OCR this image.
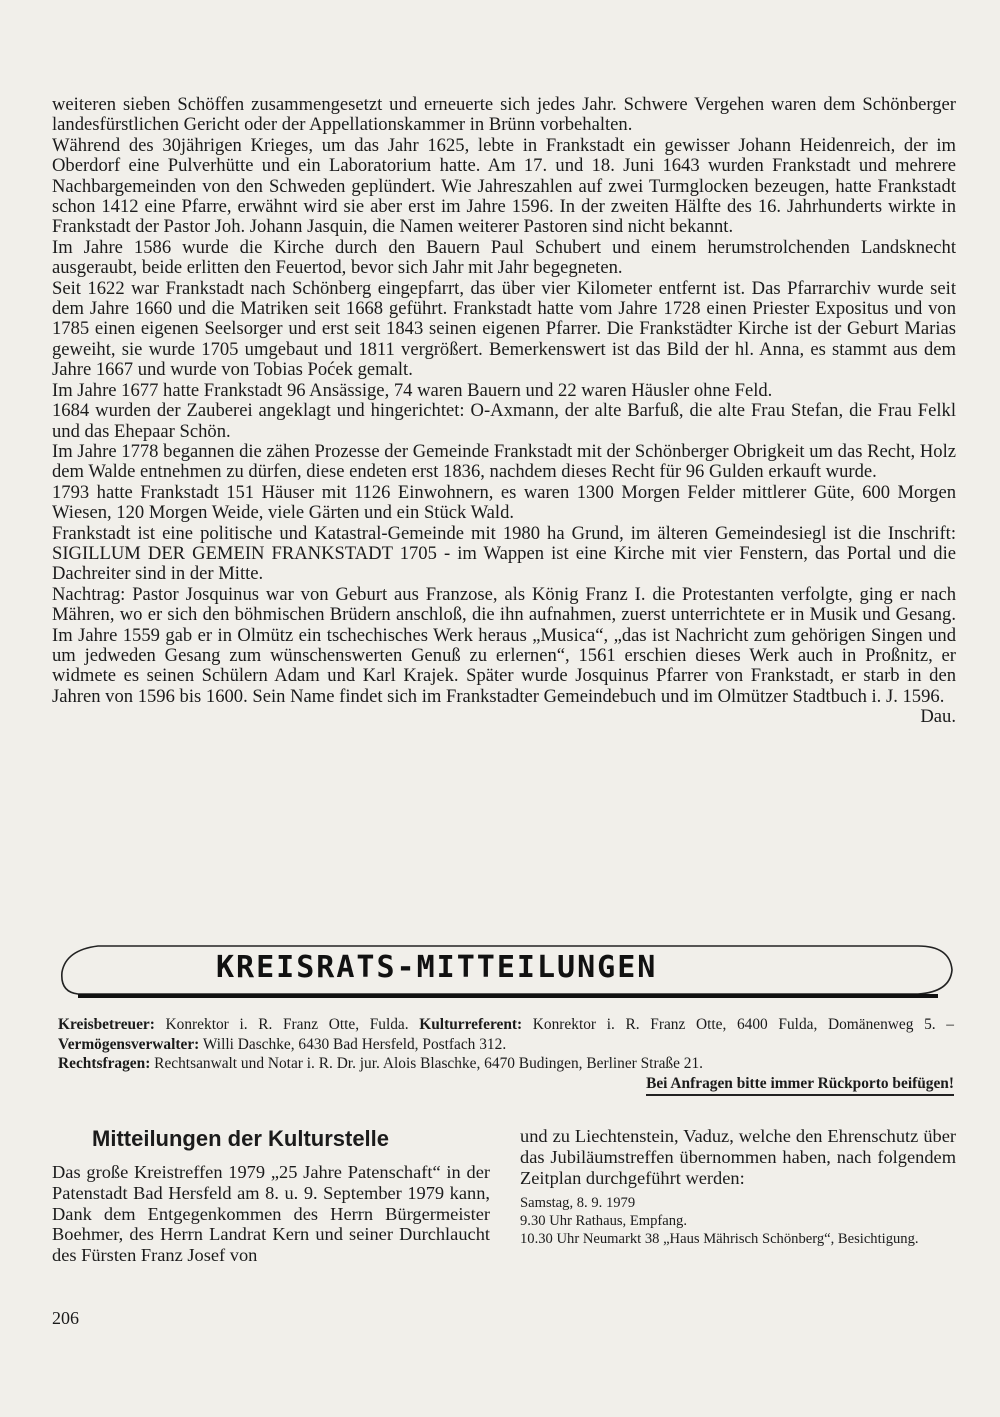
weiteren sieben Schöffen zusammengesetzt und erneuerte sich jedes Jahr. Schwere Vergehen waren dem Schönberger landesfürstlichen Gericht oder der Appellationskammer in Brünn vorbehalten.

Während des 30jährigen Krieges, um das Jahr 1625, lebte in Frankstadt ein gewisser Johann Heidenreich, der im Oberdorf eine Pulverhütte und ein Laboratorium hatte. Am 17. und 18. Juni 1643 wurden Frankstadt und mehrere Nachbargemeinden von den Schweden geplündert. Wie Jahreszahlen auf zwei Turmglocken bezeugen, hatte Frankstadt schon 1412 eine Pfarre, erwähnt wird sie aber erst im Jahre 1596. In der zweiten Hälfte des 16. Jahrhunderts wirkte in Frankstadt der Pastor Joh. Johann Jasquin, die Namen weiterer Pastoren sind nicht bekannt.

Im Jahre 1586 wurde die Kirche durch den Bauern Paul Schubert und einem herumstrolchenden Landsknecht ausgeraubt, beide erlitten den Feuertod, bevor sich Jahr mit Jahr begegneten.

Seit 1622 war Frankstadt nach Schönberg eingepfarrt, das über vier Kilometer entfernt ist. Das Pfarrarchiv wurde seit dem Jahre 1660 und die Matriken seit 1668 geführt. Frankstadt hatte vom Jahre 1728 einen Priester Expositus und von 1785 einen eigenen Seelsorger und erst seit 1843 seinen eigenen Pfarrer. Die Frankstädter Kirche ist der Geburt Marias geweiht, sie wurde 1705 umgebaut und 1811 vergrößert. Bemerkenswert ist das Bild der hl. Anna, es stammt aus dem Jahre 1667 und wurde von Tobias Poćek gemalt.

Im Jahre 1677 hatte Frankstadt 96 Ansässige, 74 waren Bauern und 22 waren Häusler ohne Feld.

1684 wurden der Zauberei angeklagt und hingerichtet: O-Axmann, der alte Barfuß, die alte Frau Stefan, die Frau Felkl und das Ehepaar Schön.

Im Jahre 1778 begannen die zähen Prozesse der Gemeinde Frankstadt mit der Schönberger Obrigkeit um das Recht, Holz dem Walde entnehmen zu dürfen, diese endeten erst 1836, nachdem dieses Recht für 96 Gulden erkauft wurde.

1793 hatte Frankstadt 151 Häuser mit 1126 Einwohnern, es waren 1300 Morgen Felder mittlerer Güte, 600 Morgen Wiesen, 120 Morgen Weide, viele Gärten und ein Stück Wald.

Frankstadt ist eine politische und Katastral-Gemeinde mit 1980 ha Grund, im älteren Gemeindesiegl ist die Inschrift: SIGILLUM DER GEMEIN FRANKSTADT 1705 - im Wappen ist eine Kirche mit vier Fenstern, das Portal und die Dachreiter sind in der Mitte.

Nachtrag: Pastor Josquinus war von Geburt aus Franzose, als König Franz I. die Protestanten verfolgte, ging er nach Mähren, wo er sich den böhmischen Brüdern anschloß, die ihn aufnahmen, zuerst unterrichtete er in Musik und Gesang. Im Jahre 1559 gab er in Olmütz ein tschechisches Werk heraus „Musica“, „das ist Nachricht zum gehörigen Singen und um jedweden Gesang zum wünschenswerten Genuß zu erlernen“, 1561 erschien dieses Werk auch in Proßnitz, er widmete es seinen Schülern Adam und Karl Krajek. Später wurde Josquinus Pfarrer von Frankstadt, er starb in den Jahren von 1596 bis 1600. Sein Name findet sich im Frankstadter Gemeindebuch und im Olmützer Stadtbuch i. J. 1596.
Dau.

KREISRATS-MITTEILUNGEN
Kreisbetreuer: Konrektor i. R. Franz Otte, Fulda. Kulturreferent: Konrektor i. R. Franz Otte, 6400 Fulda, Domänenweg 5. – Vermögensverwalter: Willi Daschke, 6430 Bad Hersfeld, Postfach 312.
Rechtsfragen: Rechtsanwalt und Notar i. R. Dr. jur. Alois Blaschke, 6470 Budingen, Berliner Straße 21.
Bei Anfragen bitte immer Rückporto beifügen!
Mitteilungen der Kulturstelle

Das große Kreistreffen 1979 „25 Jahre Patenschaft“ in der Patenstadt Bad Hersfeld am 8. u. 9. September 1979 kann, Dank dem Entgegenkommen des Herrn Bürgermeister Boehmer, des Herrn Landrat Kern und seiner Durchlaucht des Fürsten Franz Josef von

und zu Liechtenstein, Vaduz, welche den Ehrenschutz über das Jubiläumstreffen übernommen haben, nach folgendem Zeitplan durchgeführt werden:

Samstag, 8. 9. 1979

9.30 Uhr Rathaus, Empfang.

10.30 Uhr Neumarkt 38 „Haus Mährisch Schönberg“, Besichtigung.

206
